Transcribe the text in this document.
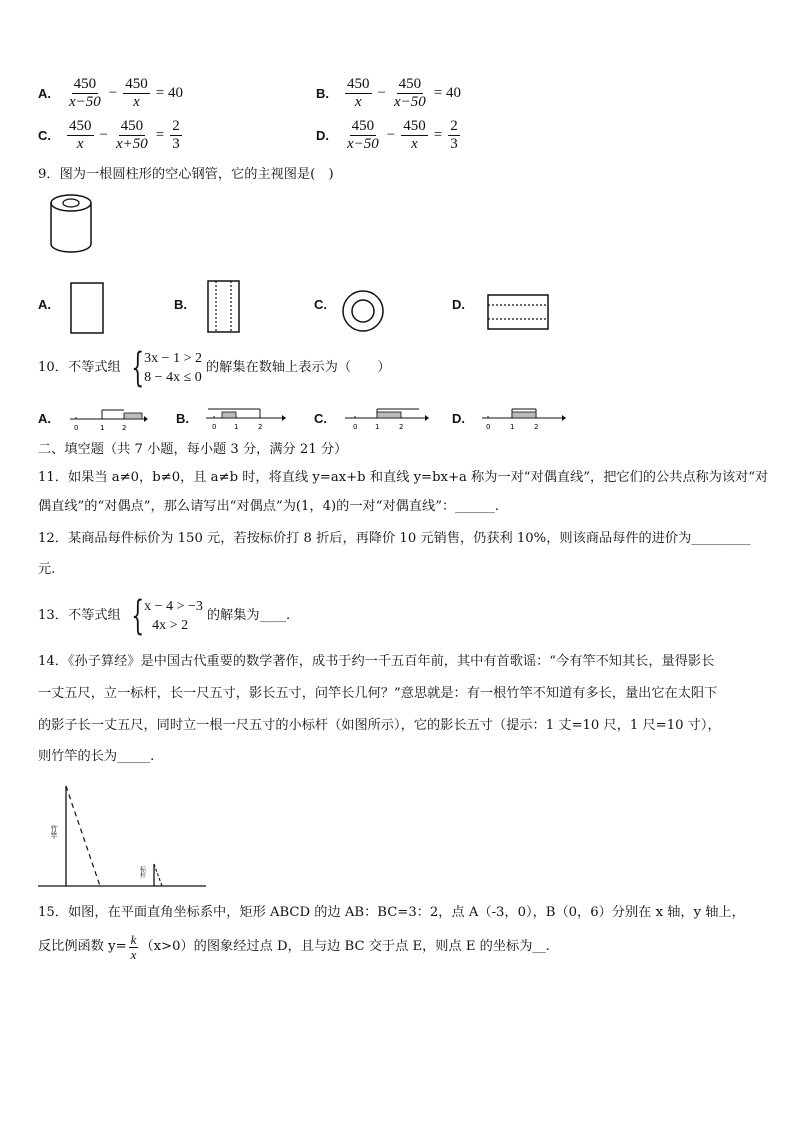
A. $\frac{450}{x-50} - \frac{450}{x} = 40$	B. $\frac{450}{x} - \frac{450}{x-50} = 40$
C. $\frac{450}{x} - \frac{450}{x+50} = \frac{2}{3}$	D. $\frac{450}{x-50} - \frac{450}{x} = \frac{2}{3}$
9．图为一根圆柱形的空心钢管，它的主视图是(　)
A.	B.	C.	D.
10．不等式组 { 3x − 1 > 2
8 − 4x ≤ 0
的解集在数轴上表示为（　　）
A.
0	1	2
B.
0	1	2
C.
0	1	2
D.
0	1	2
二、填空题（共 7 小题，每小题 3 分，满分 21 分）
11．如果当 a≠0，b≠0，且 a≠b 时，将直线 y=ax+b 和直线 y=bx+a 称为一对“对偶直线”，把它们的公共点称为该对“对
偶直线”的“对偶点”，那么请写出“对偶点”为(1，4)的一对“对偶直线”：______.
12．某商品每件标价为 150 元，若按标价打 8 折后，再降价 10 元销售，仍获利 10%，则该商品每件的进价为_________
元.
13．不等式组 { x − 4 > −3
4x > 2
的解集为____.
14．《孙子算经》是中国古代重要的数学著作，成书于约一千五百年前，其中有首歌谣：“今有竿不知其长，量得影长
一丈五尺，立一标杆，长一尺五寸，影长五寸，问竿长几何？”意思就是：有一根竹竿不知道有多长，量出它在太阳下
的影子长一丈五尺，同时立一根一尺五寸的小标杆（如图所示），它的影长五寸（提示：1 丈=10 尺，1 尺=10 寸），
则竹竿的长为_____.
竹竿
标杆
15．如图，在平面直角坐标系中，矩形 ABCD 的边 AB：BC=3：2，点 A（-3，0），B（0，6）分别在 x 轴，y 轴上，
反比例函数 $y= \frac{k}{x} (x>0)$的图象经过点 D，且与边 BC 交于点 E，则点 E 的坐标为__.
